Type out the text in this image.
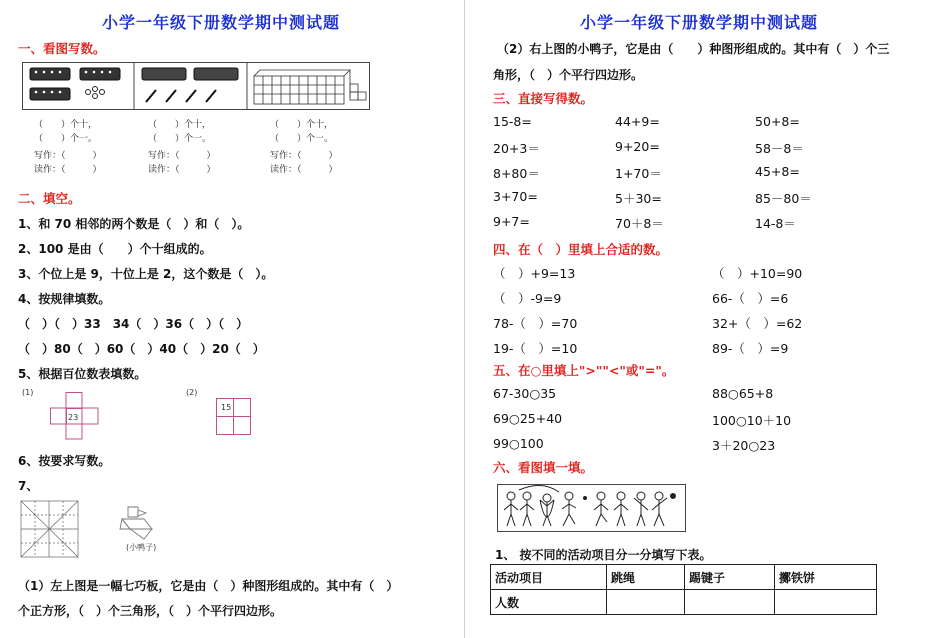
小学一年级下册数学期中测试题
一、看图写数。
（　　）个十，
（　　）个一。
写作：（　　　）
读作：（　　　）
（　　）个十，
（　　）个一。
写作：（　　　）
读作：（　　　）
（　　）个十，
（　　）个一。
写作：（　　　）
读作：（　　　）
二、填空。
1、和 70 相邻的两个数是（　）和（　）。
2、100 是由（　　）个十组成的。
3、个位上是 9，十位上是 2，这个数是（　）。
4、按规律填数。
（　）（　）33　34（　）36（　）（　）
（　）80（　）60（　）40（　）20（　）
5、根据百位数表填数。
(1)
23
(2)
15
6、按要求写数。
7、
(小鸭子)
（1）左上图是一幅七巧板，它是由（　）种图形组成的。其中有（　）
个正方形，（　）个三角形，（　）个平行四边形。
小学一年级下册数学期中测试题
（2）右上图的小鸭子，它是由（　　）种图形组成的。其中有（　）个三
角形，（　）个平行四边形。
三、直接写得数。
15-8=	44+9=	50+8=
20+3＝	9+20=	58－8＝
8+80＝	1+70＝	45+8=
3+70=	5＋30=	85－80＝
9+7=	70＋8＝	14-8＝
四、在（　）里填上合适的数。
（　）+9=13	（　）+10=90
（　）-9=9	66-（　）=6
78-（　）=70	32+（　）=62
19-（　）=10	89-（　）=9
五、在○里填上">""<"或"="。
67-30○35	88○65+8
69○25+40	100○10＋10
99○100	3＋20○23
六、看图填一填。
1、 按不同的活动项目分一分填写下表。
活动项目	跳绳	踢键子	擲铁饼
人数			
